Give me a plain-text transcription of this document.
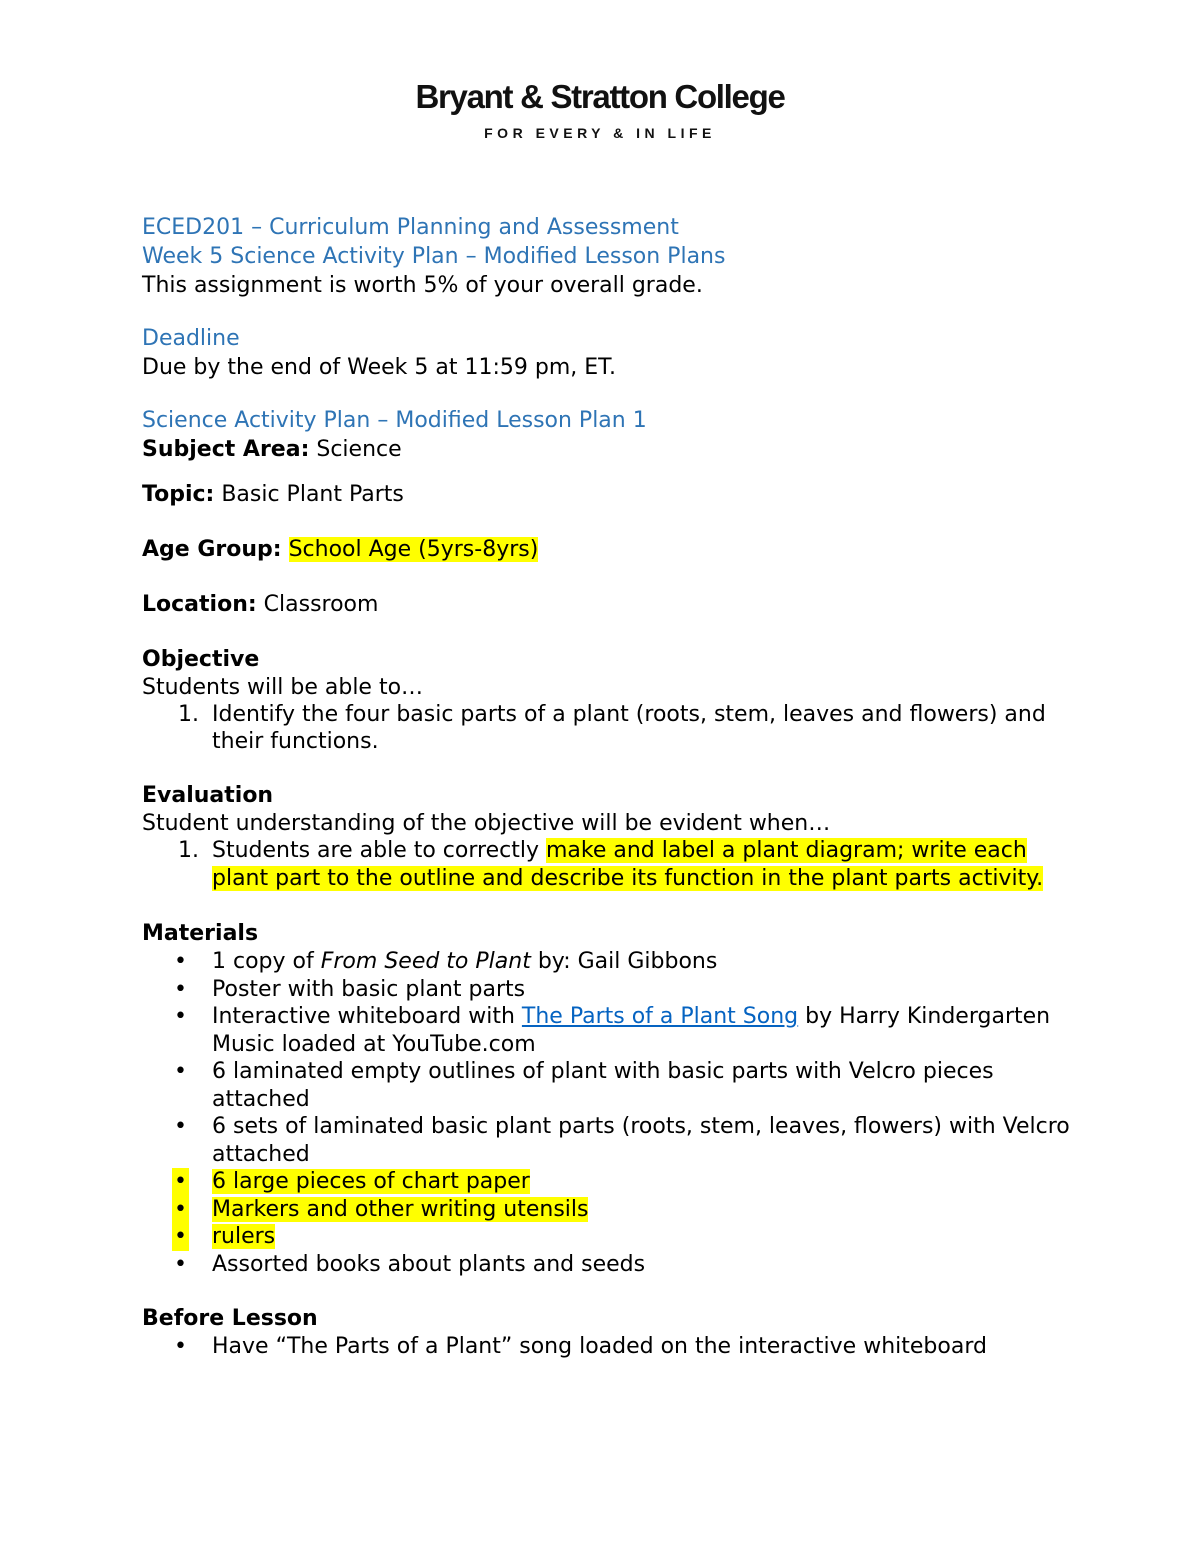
Bryant & Stratton College
FOR EVERY & IN LIFE
ECED201 – Curriculum Planning and Assessment
Week 5 Science Activity Plan – Modified Lesson Plans
This assignment is worth 5% of your overall grade.
Deadline
Due by the end of Week 5 at 11:59 pm, ET.
Science Activity Plan – Modified Lesson Plan 1
Subject Area: Science
Topic: Basic Plant Parts
Age Group: School Age (5yrs-8yrs)
Location: Classroom
Objective
Students will be able to…
1. Identify the four basic parts of a plant (roots, stem, leaves and flowers) and their functions.
Evaluation
Student understanding of the objective will be evident when…
1. Students are able to correctly make and label a plant diagram; write each plant part to the outline and describe its function in the plant parts activity.
Materials
• 1 copy of From Seed to Plant by: Gail Gibbons
• Poster with basic plant parts
• Interactive whiteboard with The Parts of a Plant Song by Harry Kindergarten Music loaded at YouTube.com
• 6 laminated empty outlines of plant with basic parts with Velcro pieces attached
• 6 sets of laminated basic plant parts (roots, stem, leaves, flowers) with Velcro attached
• 6 large pieces of chart paper
• Markers and other writing utensils
• rulers
• Assorted books about plants and seeds
Before Lesson
• Have “The Parts of a Plant” song loaded on the interactive whiteboard
